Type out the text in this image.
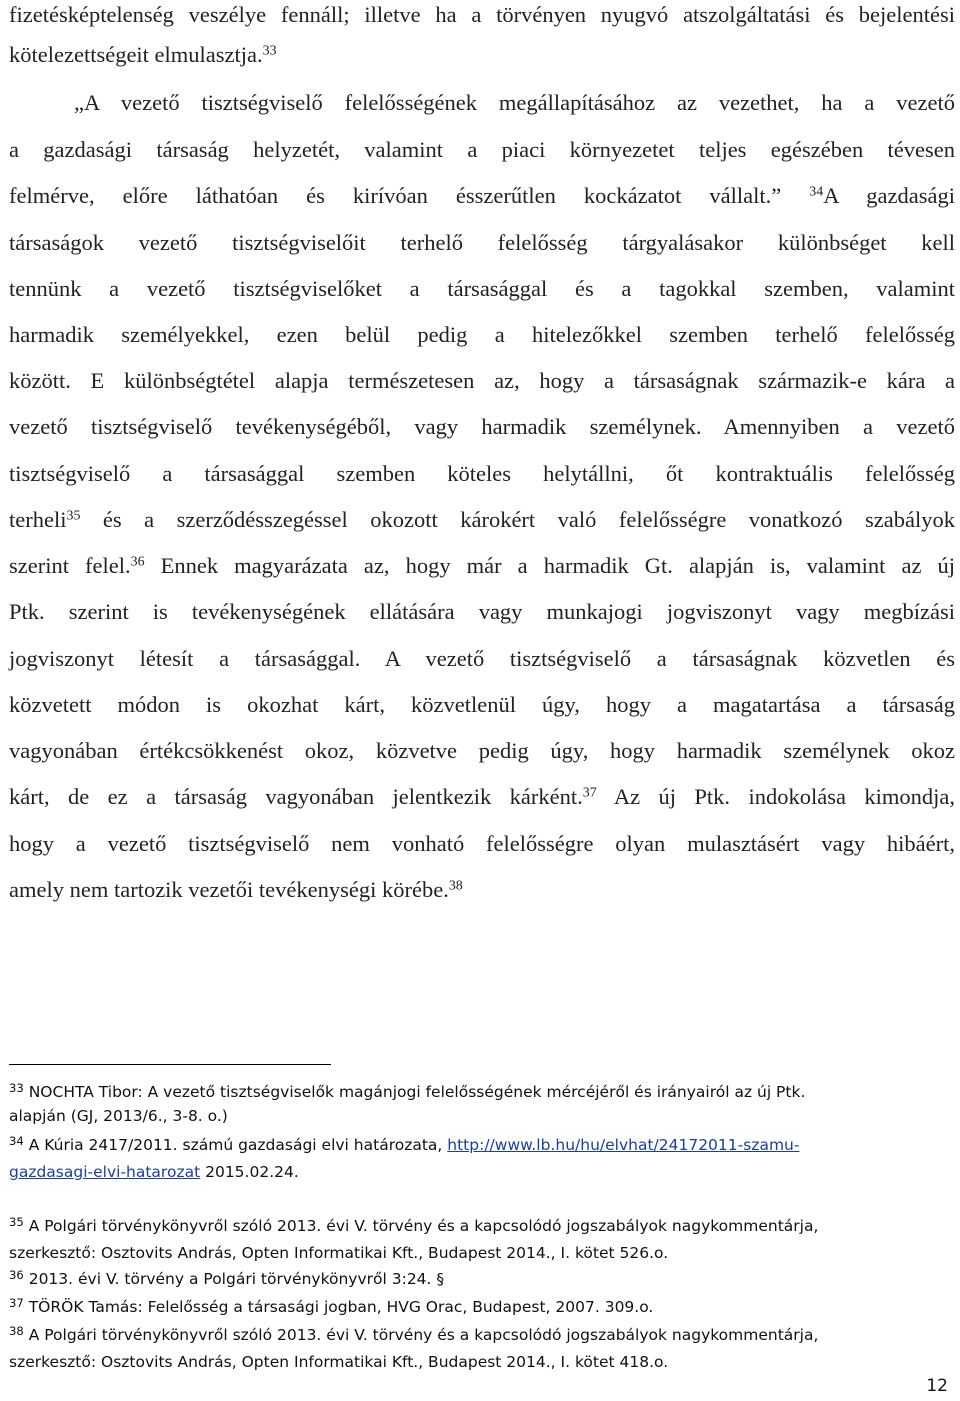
fizetésképtelenség veszélye fennáll; illetve ha a törvényen nyugvó atszolgáltatási és bejelentési
kötelezettségeit elmulasztja.$^{33}$
„A vezető tisztségviselő felelősségének megállapításához az vezethet, ha a vezető
a gazdasági társaság helyzetét, valamint a piaci környezetet teljes egészében tévesen
felmérve, előre láthatóan és kirívóan ésszerűtlen kockázatot vállalt.” $^{34}$A gazdasági
társaságok vezető tisztségviselőit terhelő felelősség tárgyalásakor különbséget kell
tennünk a vezető tisztségviselőket a társasággal és a tagokkal szemben, valamint
harmadik személyekkel, ezen belül pedig a hitelezőkkel szemben terhelő felelősség
között. E különbségtétel alapja természetesen az, hogy a társaságnak származik-e kára a
vezető tisztségviselő tevékenységéből, vagy harmadik személynek. Amennyiben a vezető
tisztségviselő a társasággal szemben köteles helytállni, őt kontraktuális felelősség
terheli$^{35}$ és a szerződésszegéssel okozott károkért való felelősségre vonatkozó szabályok
szerint felel.$^{36}$ Ennek magyarázata az, hogy már a harmadik Gt. alapján is, valamint az új
Ptk. szerint is tevékenységének ellátására vagy munkajogi jogviszonyt vagy megbízási
jogviszonyt létesít a társasággal. A vezető tisztségviselő a társaságnak közvetlen és
közvetett módon is okozhat kárt, közvetlenül úgy, hogy a magatartása a társaság
vagyonában értékcsökkenést okoz, közvetve pedig úgy, hogy harmadik személynek okoz
kárt, de ez a társaság vagyonában jelentkezik kárként.$^{37}$ Az új Ptk. indokolása kimondja,
hogy a vezető tisztségviselő nem vonható felelősségre olyan mulasztásért vagy hibáért,
amely nem tartozik vezetői tevékenységi körébe.$^{38}$
$^{33}$ NOCHTA Tibor: A vezető tisztségviselők magánjogi felelősségének mércéjéről és irányairól az új Ptk.
alapján (GJ, 2013/6., 3-8. o.)
$^{34}$ A Kúria 2417/2011. számú gazdasági elvi határozata, http://www.lb.hu/hu/elvhat/24172011-szamu-
gazdasagi-elvi-hatarozat 2015.02.24.
$^{35}$ A Polgári törvénykönyvről szóló 2013. évi V. törvény és a kapcsolódó jogszabályok nagykommentárja,
szerkesztő: Osztovits András, Opten Informatikai Kft., Budapest 2014., I. kötet 526.o.
$^{36}$ 2013. évi V. törvény a Polgári törvénykönyvről 3:24. §
$^{37}$ TÖRÖK Tamás: Felelősség a társasági jogban, HVG Orac, Budapest, 2007. 309.o.
$^{38}$ A Polgári törvénykönyvről szóló 2013. évi V. törvény és a kapcsolódó jogszabályok nagykommentárja,
szerkesztő: Osztovits András, Opten Informatikai Kft., Budapest 2014., I. kötet 418.o.
12
